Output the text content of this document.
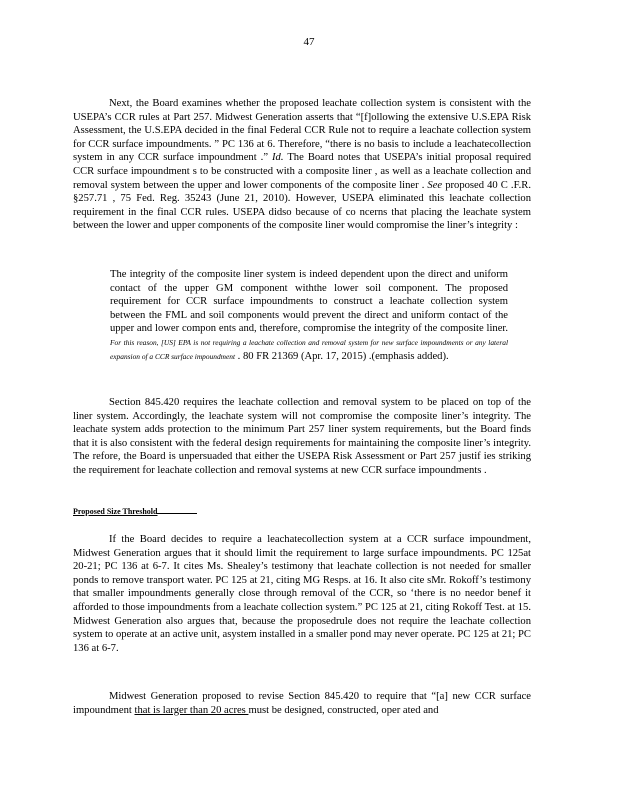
47

Next, the Board examines whether the proposed leachate collection system is consistent with the USEPA’s CCR rules at Part 257. Midwest Generation asserts that “[f]ollowing the extensive U.S.EPA Risk Assessment, the U.S.EPA decided in the final Federal CCR Rule not to require a leachate collection system for CCR surface impoundments. ” PC 136 at 6. Therefore, “there is no basis to include a leachatecollection system in any CCR surface impoundment .” Id. The Board notes that USEPA’s initial proposal required CCR surface impoundment s to be constructed with a composite liner , as well as a leachate collection and removal system between the upper and lower components of the composite liner . See proposed 40 C .F.R. §257.71 , 75 Fed. Reg. 35243 (June 21, 2010). However, USEPA eliminated this leachate collection requirement in the final CCR rules. USEPA didso because of co ncerns that placing the leachate system between the lower and upper components of the composite liner would compromise the liner’s integrity :

The integrity of the composite liner system is indeed dependent upon the direct and uniform contact of the upper GM component withthe lower soil component. The proposed requirement for CCR surface impoundments to construct a leachate collection system between the FML and soil components would prevent the direct and uniform contact of the upper and lower compon ents and, therefore, compromise the integrity of the composite liner. For this reason, [US] EPA is not requiring a leachate collection and removal system for new surface impoundments or any lateral expansion of a CCR surface impoundment . 80 FR 21369 (Apr. 17, 2015) .(emphasis added).

Section 845.420 requires the leachate collection and removal system to be placed on top of the liner system. Accordingly, the leachate system will not compromise the composite liner’s integrity. The leachate system adds protection to the minimum Part 257 liner system requirements, but the Board finds that it is also consistent with the federal design requirements for maintaining the composite liner’s integrity. The refore, the Board is unpersuaded that either the USEPA Risk Assessment or Part 257 justif ies striking the requirement for leachate collection and removal systems at new CCR surface impoundments .

Proposed Size Threshold

If the Board decides to require a leachatecollection system at a CCR surface impoundment, Midwest Generation argues that it should limit the requirement to large surface impoundments. PC 125at 20-21; PC 136 at 6-7. It cites Ms. Shealey’s testimony that leachate collection is not needed for smaller ponds to remove transport water. PC 125 at 21, citing MG Resps. at 16. It also cite sMr. Rokoff’s testimony that smaller impoundments generally close through removal of the CCR, so ‘there is no needor benef it afforded to those impoundments from a leachate collection system.” PC 125 at 21, citing Rokoff Test. at 15. Midwest Generation also argues that, because the proposedrule does not require the leachate collection system to operate at an active unit, asystem installed in a smaller pond may never operate. PC 125 at 21; PC 136 at 6-7.

Midwest Generation proposed to revise Section 845.420 to require that “[a] new CCR surface impoundment that is larger than 20 acres must be designed, constructed, oper ated and
